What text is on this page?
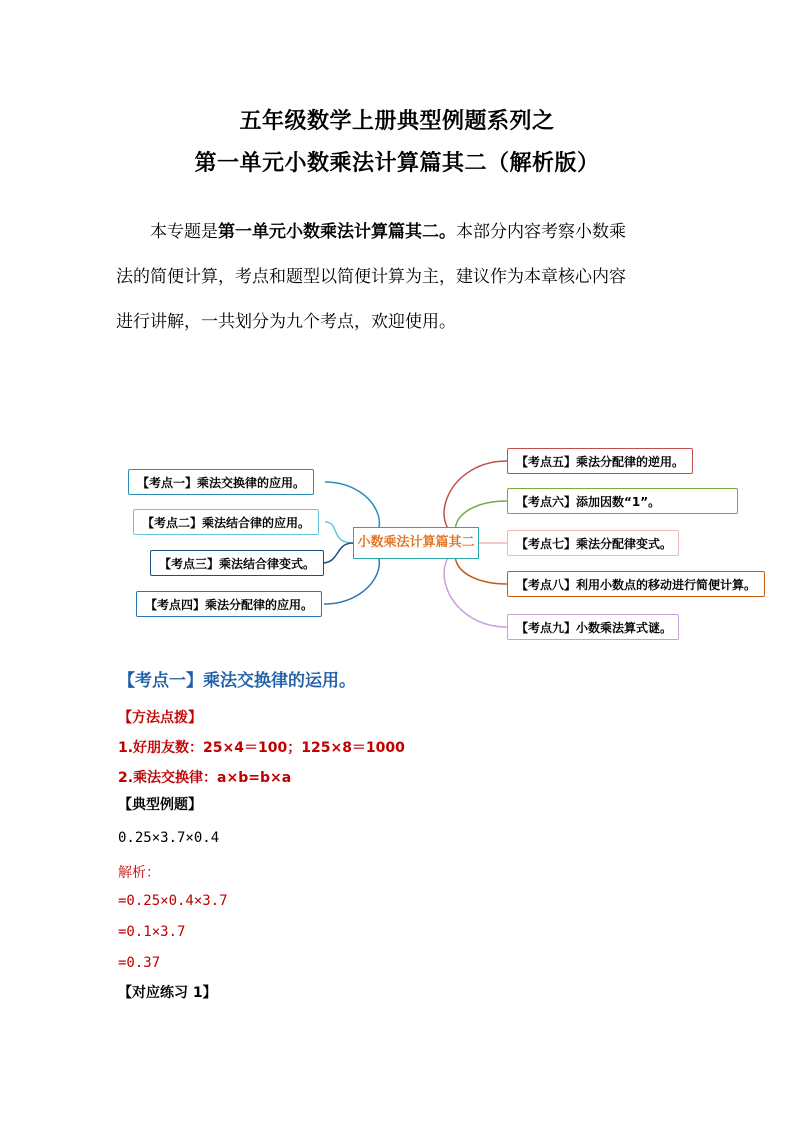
五年级数学上册典型例题系列之
第一单元小数乘法计算篇其二（解析版）

本专题是第一单元小数乘法计算篇其二。本部分内容考察小数乘

法的简便计算，考点和题型以简便计算为主，建议作为本章核心内容

进行讲解，一共划分为九个考点，欢迎使用。

小数乘法计算篇其二
【考点一】乘法交换律的应用。
【考点二】乘法结合律的应用。
【考点三】乘法结合律变式。
【考点四】乘法分配律的应用。
【考点五】乘法分配律的逆用。
【考点六】添加因数“1”。
【考点七】乘法分配律变式。
【考点八】利用小数点的移动进行简便计算。
【考点九】小数乘法算式谜。
【考点一】乘法交换律的运用。
【方法点拨】
1.好朋友数：25×4＝100；125×8＝1000
2.乘法交换律：a×b=b×a
【典型例题】
0.25×3.7×0.4
解析：
=0.25×0.4×3.7
=0.1×3.7
=0.37
【对应练习 1】
